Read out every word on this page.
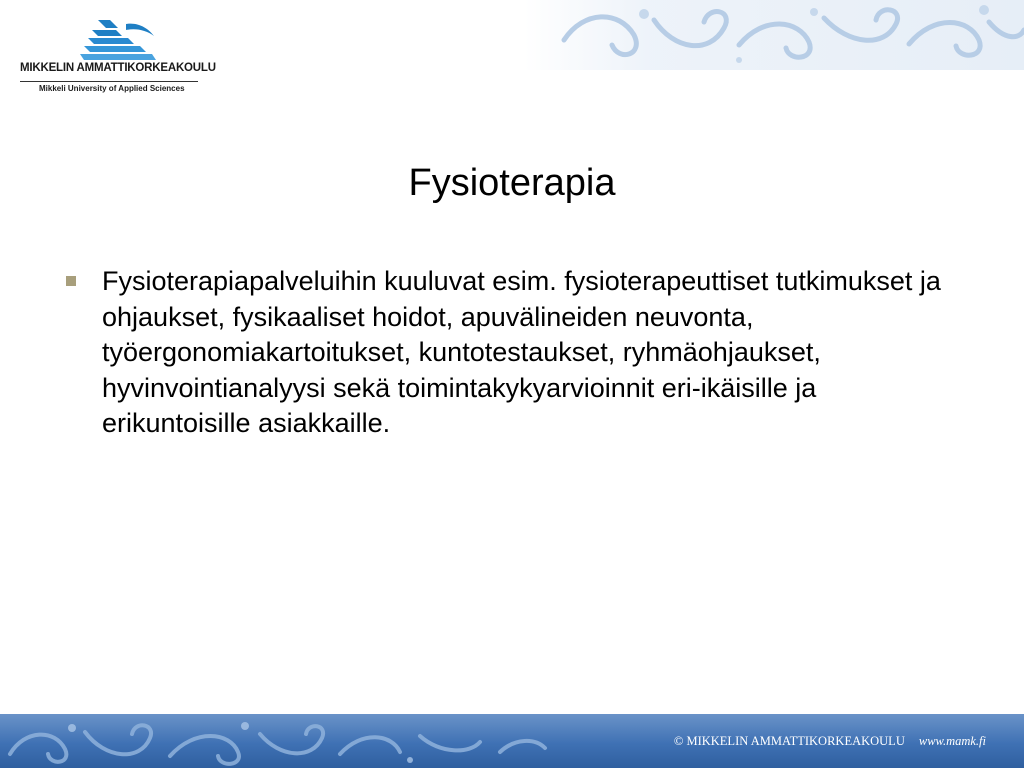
MIKKELIN AMMATTIKORKEAKOULU
Mikkeli University of Applied Sciences
Fysioterapia
Fysioterapiapalveluihin kuuluvat esim. fysioterapeuttiset tutkimukset ja ohjaukset, fysikaaliset hoidot, apuvälineiden neuvonta, työergonomiakartoitukset, kuntotestaukset, ryhmäohjaukset, hyvinvointianalyysi sekä toimintakykyarvioinnit eri-ikäisille ja erikuntoisille asiakkaille.
© MIKKELIN AMMATTIKORKEAKOULU www.mamk.fi
